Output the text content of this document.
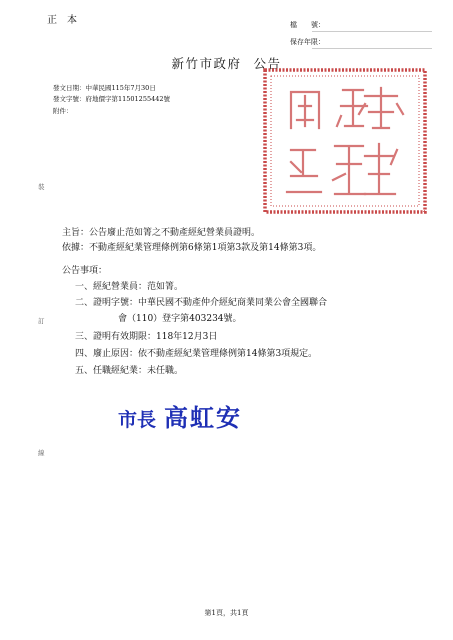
正本	檔　　號：
保存年限：
新竹市政府 公告
發文日期：中華民國115年7月30日
發文字號：府地價字第11501255442號
附件：
裝
訂
線
主旨：公告廢止范如箐之不動產經紀營業員證明。
依據：不動產經紀業管理條例第6條第1項第3款及第14條第3項。
公告事項：
一、經紀營業員：范如箐。
二、證明字號：中華民國不動產仲介經紀商業同業公會全國聯合
會（110）登字第403234號。
三、證明有效期限：118年12月3日
四、廢止原因：依不動產經紀業管理條例第14條第3項規定。
五、任職經紀業：未任職。
市長 高虹安
第1頁，共1頁
